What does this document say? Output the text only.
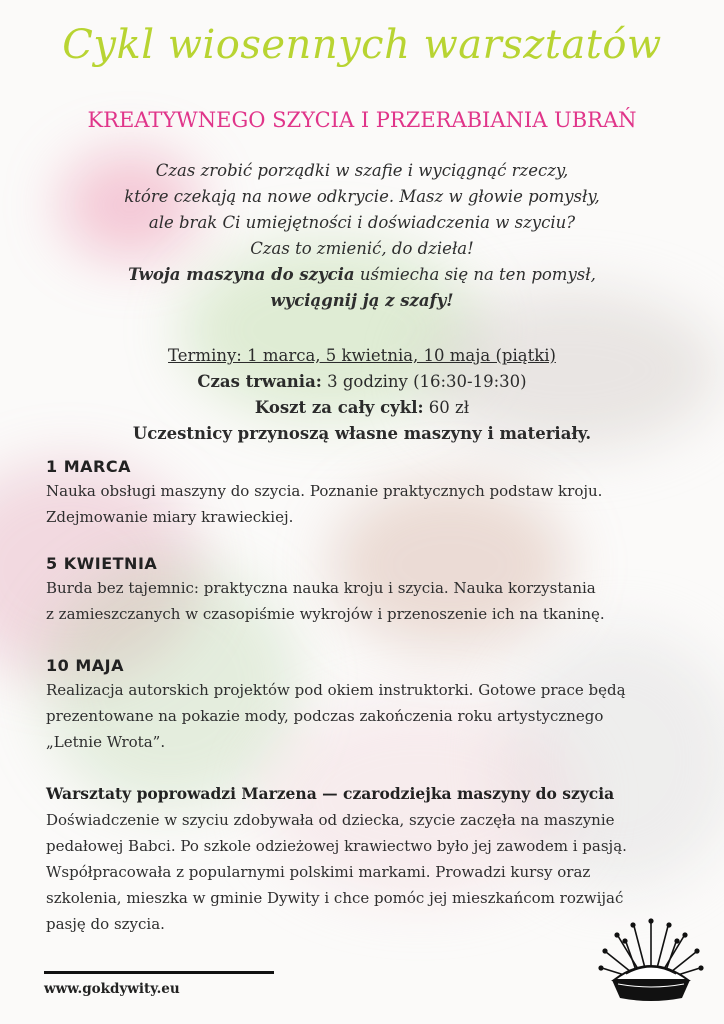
Cykl wiosennych warsztatów
KREATYWNEGO SZYCIA I PRZERABIANIA UBRAŃ
Czas zrobić porządki w szafie i wyciągnąć rzeczy,
które czekają na nowe odkrycie. Masz w głowie pomysły,
ale brak Ci umiejętności i doświadczenia w szyciu?
Czas to zmienić, do dzieła!
Twoja maszyna do szycia uśmiecha się na ten pomysł,
wyciągnij ją z szafy!
Terminy: 1 marca, 5 kwietnia, 10 maja (piątki)
Czas trwania: 3 godziny (16:30-19:30)
Koszt za cały cykl: 60 zł
Uczestnicy przynoszą własne maszyny i materiały.
1 MARCA
Nauka obsługi maszyny do szycia. Poznanie praktycznych podstaw kroju.
Zdejmowanie miary krawieckiej.
5 KWIETNIA
Burda bez tajemnic: praktyczna nauka kroju i szycia. Nauka korzystania
z zamieszczanych w czasopiśmie wykrojów i przenoszenie ich na tkaninę.
10 MAJA
Realizacja autorskich projektów pod okiem instruktorki. Gotowe prace będą
prezentowane na pokazie mody, podczas zakończenia roku artystycznego
„Letnie Wrota”.
Warsztaty poprowadzi Marzena — czarodziejka maszyny do szycia
Doświadczenie w szyciu zdobywała od dziecka, szycie zaczęła na maszynie
pedałowej Babci. Po szkole odzieżowej krawiectwo było jej zawodem i pasją.
Współpracowała z popularnymi polskimi markami. Prowadzi kursy oraz
szkolenia, mieszka w gminie Dywity i chce pomóc jej mieszkańcom rozwijać
pasję do szycia.
www.gokdywity.eu
